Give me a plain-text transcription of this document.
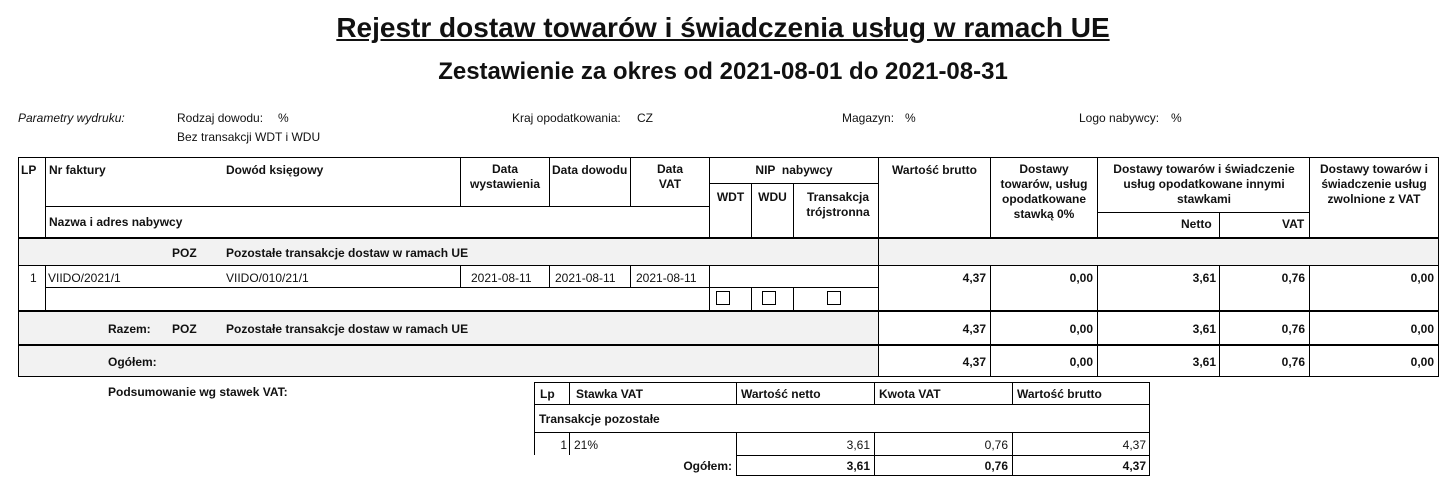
Rejestr dostaw towarów i świadczenia usług w ramach UE
Zestawienie za okres od 2021-08-01 do 2021-08-31
Parametry wydruku:	Rodzaj dowodu: %
Bez transakcji WDT i WDU
Kraj opodatkowania: CZ	Magazyn: %	Logo nabywcy: %
LP Nr faktury	Dowód księgowy	Data wystawienia
Data dowodu Data VAT
NIP  nabywcy
WDT	WDU	Transakcja trójstronna
Wartość brutto	Dostawy towarów, usług opodatkowane stawką 0%
Dostawy towarów i świadczenie usług opodatkowane innymi stawkami
Netto	VAT
Dostawy towarów i świadczenie usług zwolnione z VAT
Nazwa i adres nabywcy
POZ Pozostałe transakcje dostaw w ramach UE
1 VIIDO/2021/1	VIIDO/010/21/1	2021-08-11 2021-08-11 2021-08-11	4,37	0,00	3,61	0,76	0,00
Razem: POZ Pozostałe transakcje dostaw w ramach UE	4,37	0,00	3,61	0,76	0,00
Ogółem:	4,37	0,00	3,61	0,76	0,00
Podsumowanie wg stawek VAT:	Lp Stawka VAT	Wartość netto	Kwota VAT	Wartość brutto
Transakcje pozostałe
1 21%	3,61	0,76	4,37
Ogółem:	3,61	0,76	4,37
